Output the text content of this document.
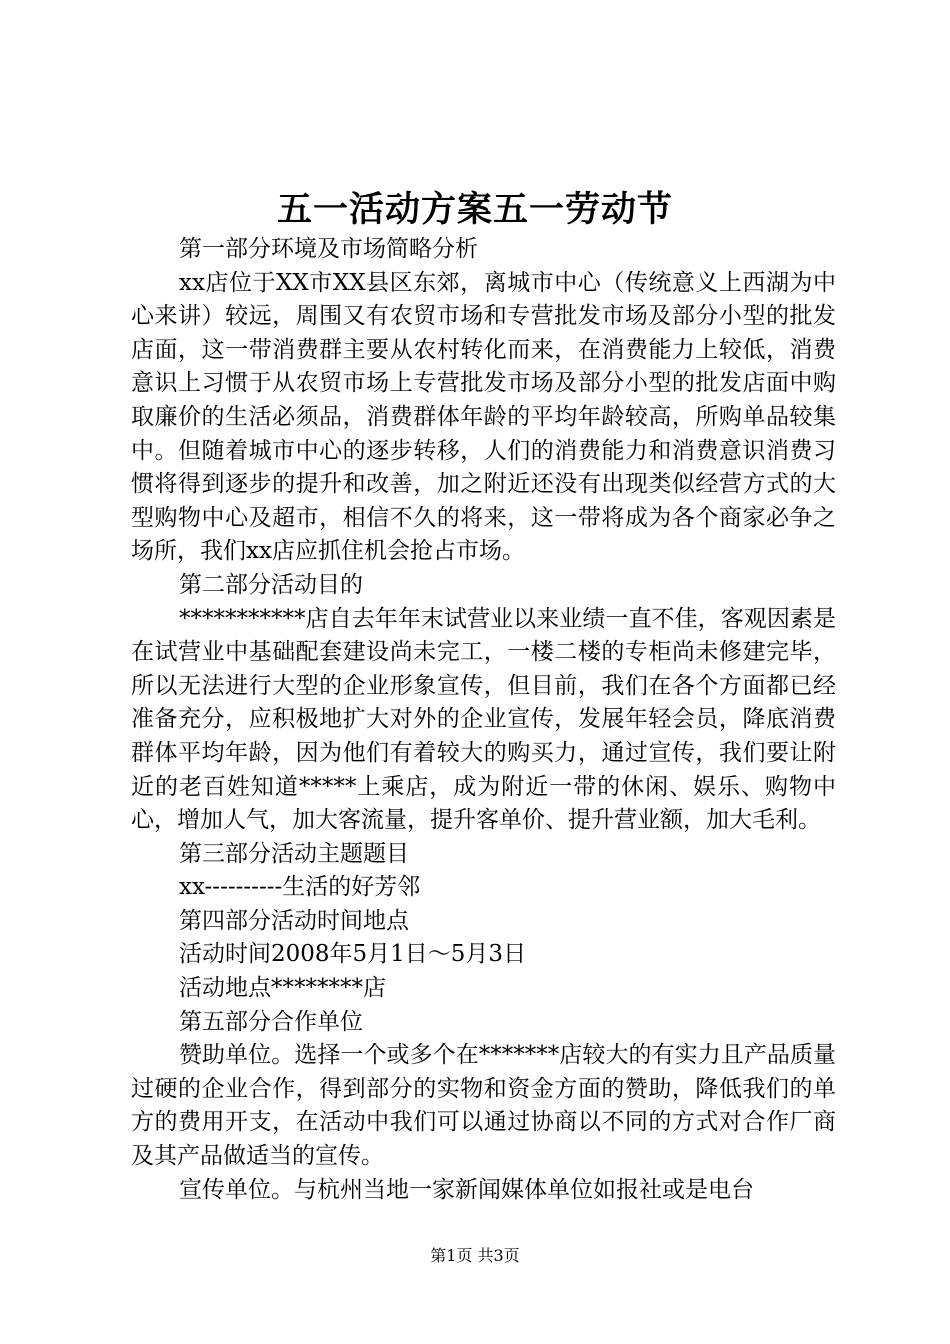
五一活动方案五一劳动节

第一部分环境及市场简略分析

xx店位于XX市XX县区东郊，离城市中心（传统意义上西湖为中心来讲）较远，周围又有农贸市场和专营批发市场及部分小型的批发店面，这一带消费群主要从农村转化而来，在消费能力上较低，消费意识上习惯于从农贸市场上专营批发市场及部分小型的批发店面中购取廉价的生活必须品，消费群体年龄的平均年龄较高，所购单品较集中。但随着城市中心的逐步转移，人们的消费能力和消费意识消费习惯将得到逐步的提升和改善，加之附近还没有出现类似经营方式的大型购物中心及超市，相信不久的将来，这一带将成为各个商家必争之场所，我们xx店应抓住机会抢占市场。

第二部分活动目的

***********店自去年年末试营业以来业绩一直不佳，客观因素是在试营业中基础配套建设尚未完工，一楼二楼的专柜尚未修建完毕，所以无法进行大型的企业形象宣传，但目前，我们在各个方面都已经准备充分，应积极地扩大对外的企业宣传，发展年轻会员，降底消费群体平均年龄，因为他们有着较大的购买力，通过宣传，我们要让附近的老百姓知道*****上乘店，成为附近一带的休闲、娱乐、购物中心，增加人气，加大客流量，提升客单价、提升营业额，加大毛利。

第三部分活动主题题目

xx----------生活的好芳邻

第四部分活动时间地点

活动时间2008年5月1日～5月3日

活动地点********店

第五部分合作单位

赞助单位。选择一个或多个在*******店较大的有实力且产品质量过硬的企业合作，得到部分的实物和资金方面的赞助，降低我们的单方的费用开支，在活动中我们可以通过协商以不同的方式对合作厂商及其产品做适当的宣传。

宣传单位。与杭州当地一家新闻媒体单位如报社或是电台

第1页 共3页
